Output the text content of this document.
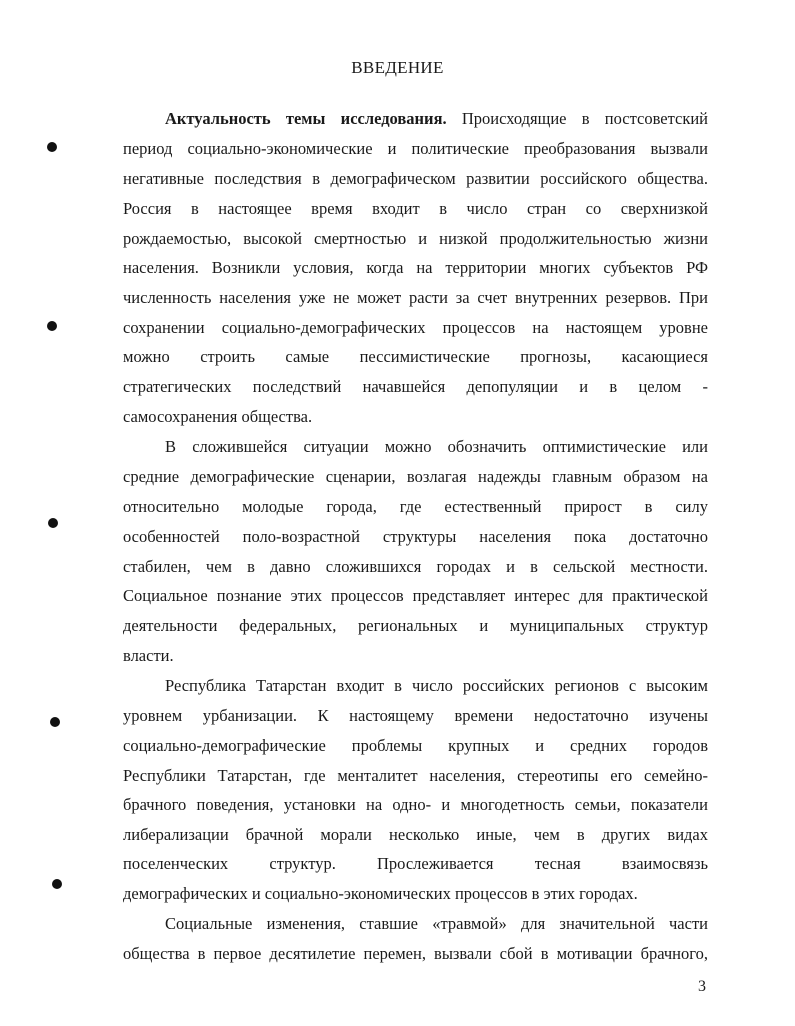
ВВЕДЕНИЕ
Актуальность темы исследования. Происходящие в постсоветский
период социально-экономические и политические преобразования вызвали
негативные последствия в демографическом развитии российского общества.
Россия в настоящее время входит в число стран со сверхнизкой
рождаемостью, высокой смертностью и низкой продолжительностью жизни
населения. Возникли условия, когда на территории многих субъектов РФ
численность населения уже не может расти за счет внутренних резервов. При
сохранении социально-демографических процессов на настоящем уровне
можно строить самые пессимистические прогнозы, касающиеся
стратегических последствий начавшейся депопуляции и в целом -
самосохранения общества.
В сложившейся ситуации можно обозначить оптимистические или
средние демографические сценарии, возлагая надежды главным образом на
относительно молодые города, где естественный прирост в силу
особенностей поло-возрастной структуры населения пока достаточно
стабилен, чем в давно сложившихся городах и в сельской местности.
Социальное познание этих процессов представляет интерес для практической
деятельности федеральных, региональных и муниципальных структур
власти.
Республика Татарстан входит в число российских регионов с высоким
уровнем урбанизации. К настоящему времени недостаточно изучены
социально-демографические проблемы крупных и средних городов
Республики Татарстан, где менталитет населения, стереотипы его семейно-
брачного поведения, установки на одно- и многодетность семьи, показатели
либерализации брачной морали несколько иные, чем в других видах
поселенческих структур. Прослеживается тесная взаимосвязь
демографических и социально-экономических процессов в этих городах.
Социальные изменения, ставшие «травмой» для значительной части
общества в первое десятилетие перемен, вызвали сбой в мотивации брачного,
3
